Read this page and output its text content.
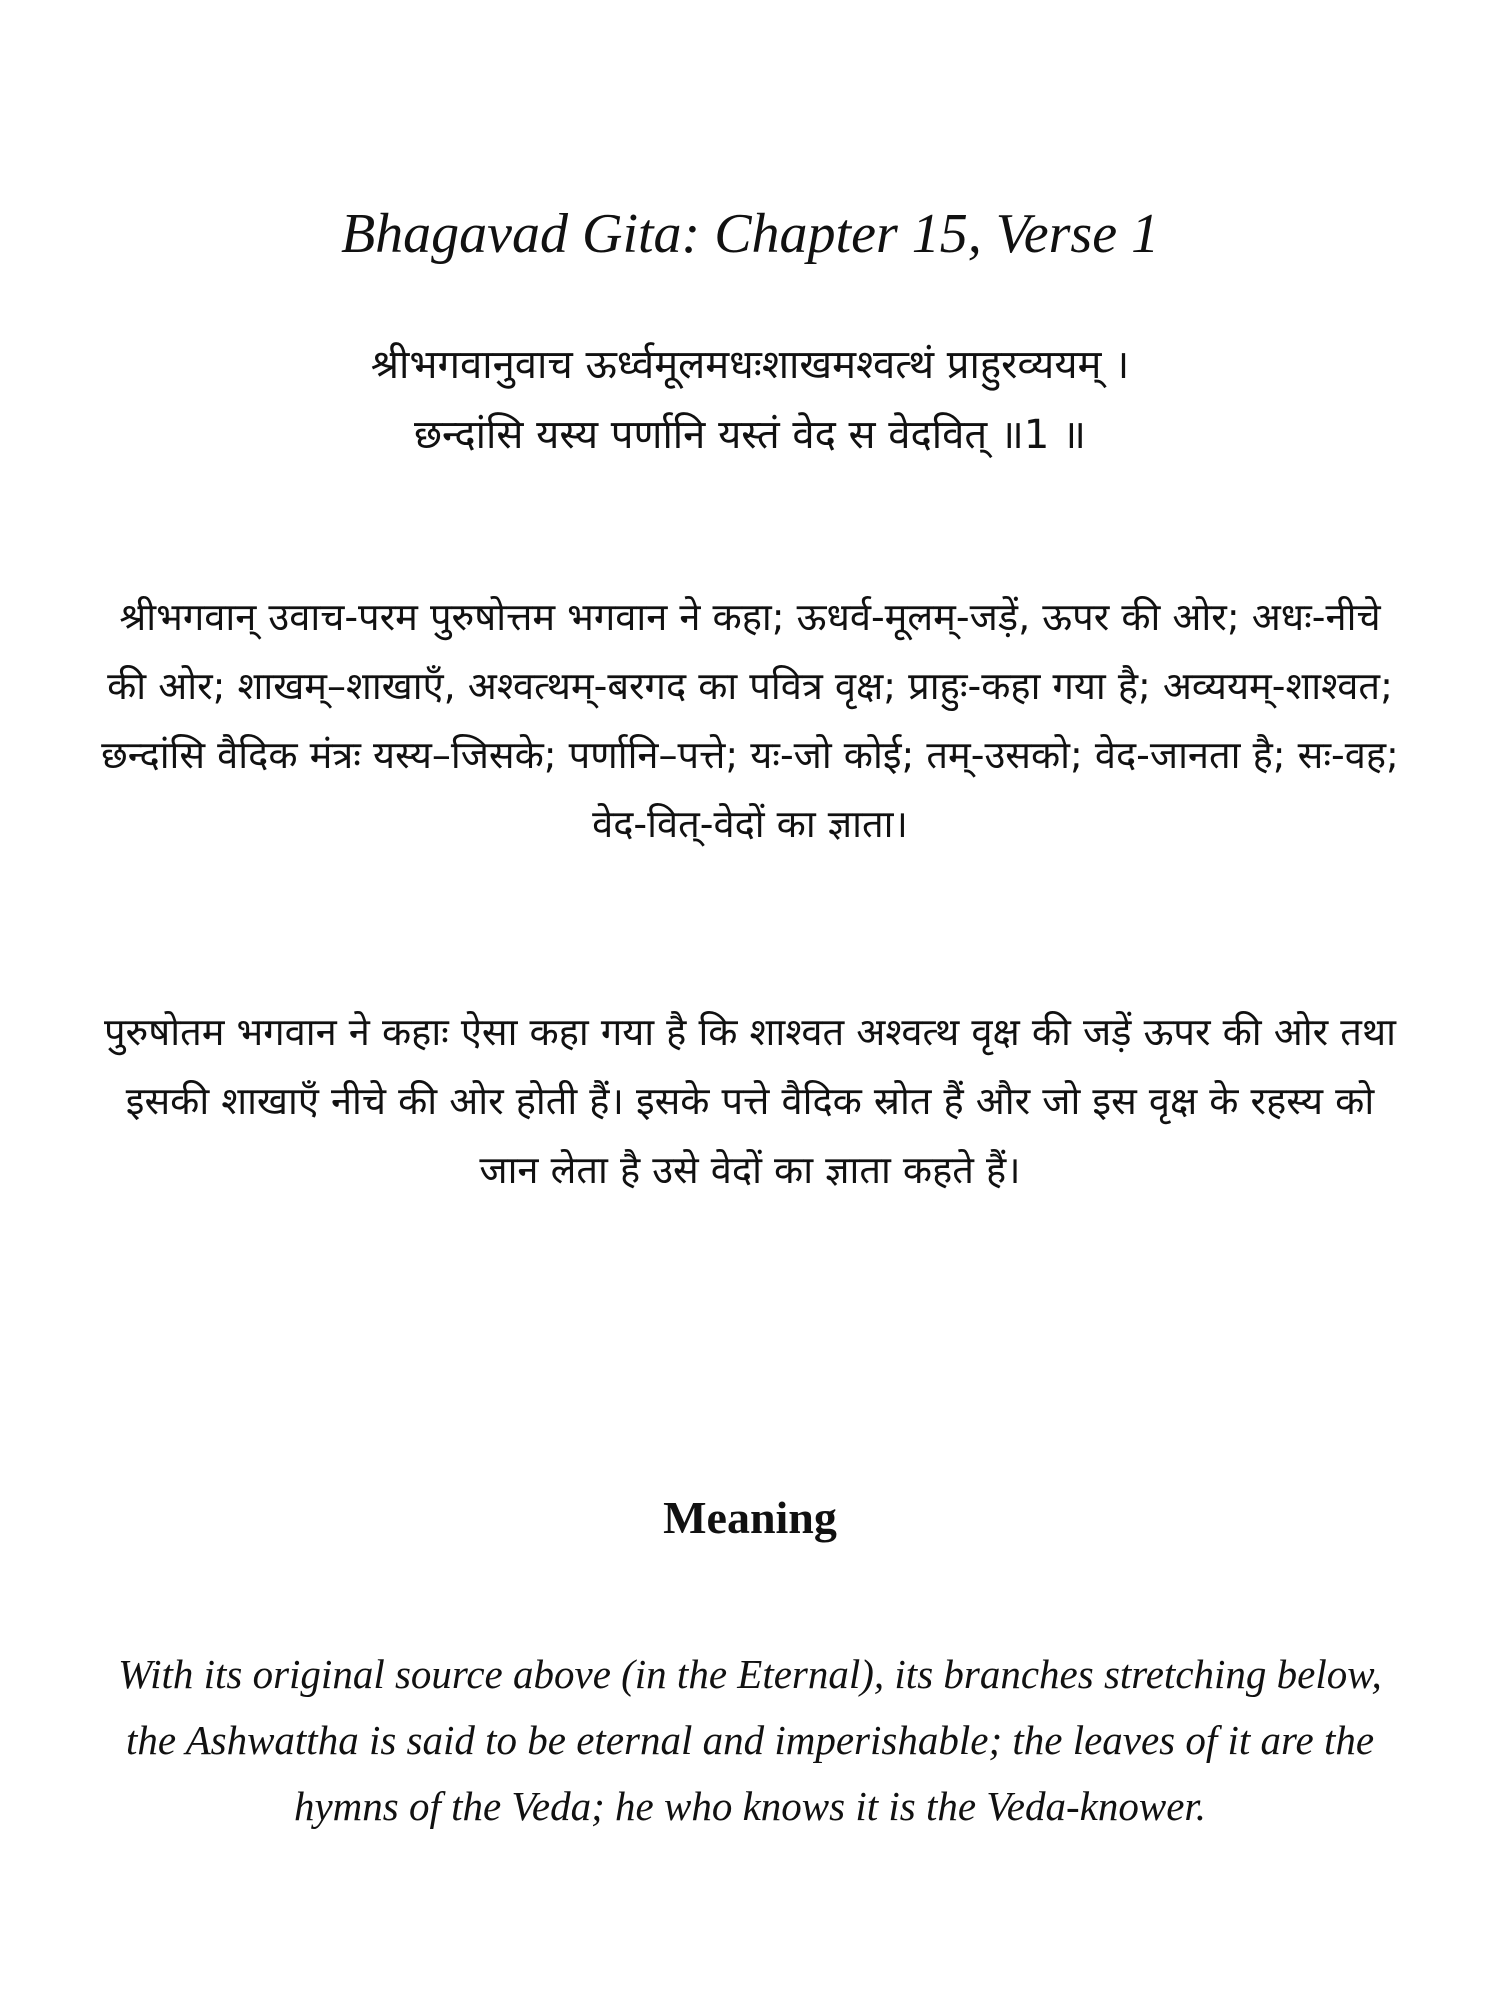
Bhagavad Gita: Chapter 15, Verse 1
श्रीभगवानुवाच ऊर्ध्वमूलमधःशाखमश्वत्थं प्राहुरव्ययम् ।
छन्दांसि यस्य पर्णानि यस्तं वेद स वेदवित् ॥1 ॥

श्रीभगवान् उवाच-परम पुरुषोत्तम भगवान ने कहा; ऊधर्व-मूलम्-जड़ें, ऊपर की ओर; अधः-नीचे की ओर; शाखम्–शाखाएँ, अश्वत्थम्-बरगद का पवित्र वृक्ष; प्राहुः-कहा गया है; अव्ययम्-शाश्वत; छन्दांसि वैदिक मंत्रः यस्य–जिसके; पर्णानि–पत्ते; यः-जो कोई; तम्-उसको; वेद-जानता है; सः-वह; वेद-वित्-वेदों का ज्ञाता।

पुरुषोतम भगवान ने कहाः ऐसा कहा गया है कि शाश्वत अश्वत्थ वृक्ष की जड़ें ऊपर की ओर तथा इसकी शाखाएँ नीचे की ओर होती हैं। इसके पत्ते वैदिक स्रोत हैं और जो इस वृक्ष के रहस्य को जान लेता है उसे वेदों का ज्ञाता कहते हैं।

Meaning

With its original source above (in the Eternal), its branches stretching below, the Ashwattha is said to be eternal and imperishable; the leaves of it are the hymns of the Veda; he who knows it is the Veda-knower.
